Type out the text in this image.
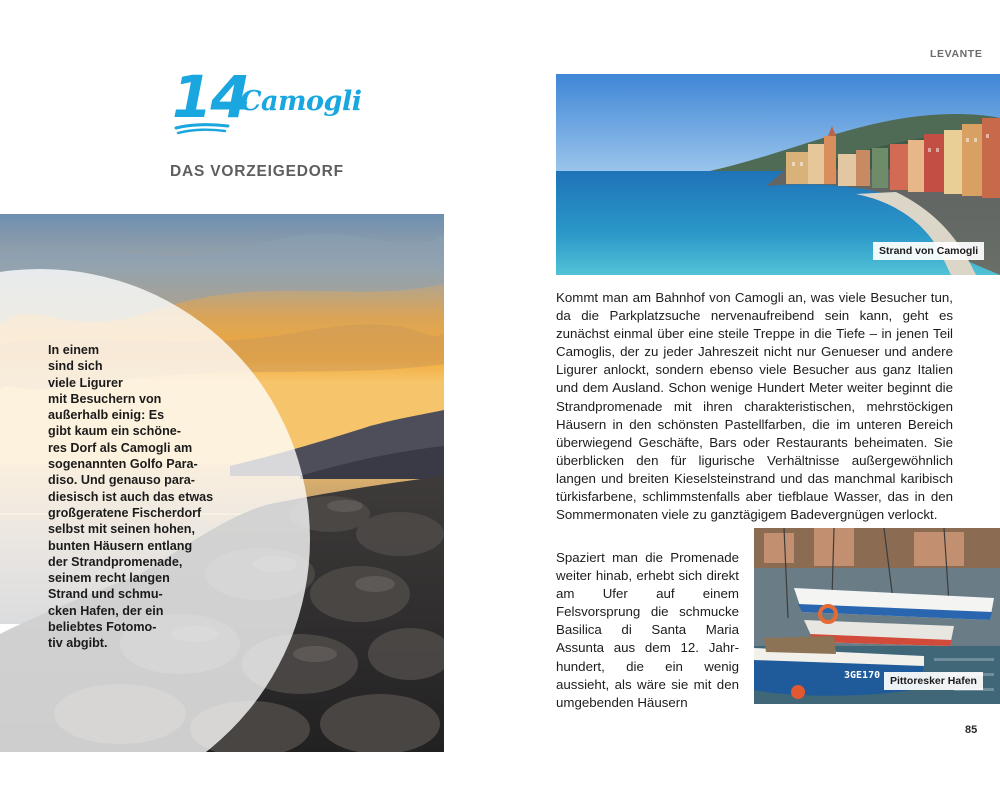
14
Camogli
DAS VORZEIGEDORF
In einem
sind sich
viele Ligurer
mit Besuchern von
außerhalb einig: Es
gibt kaum ein schöne-
res Dorf als Camogli am
sogenannten Golfo Para-
diso. Und genauso para-
diesisch ist auch das etwas
großgeratene Fischerdorf
selbst mit seinen hohen,
bunten Häusern entlang
der Strandpromenade,
seinem recht langen
Strand und schmu-
cken Hafen, der ein
beliebtes Fotomo-
tiv abgibt.
LEVANTE
Strand von Camogli
Kommt man am Bahnhof von Camogli an, was viele Besucher tun, da die Parkplatzsuche nervenaufreibend sein kann, geht es zunächst einmal über eine steile Treppe in die Tiefe – in jenen Teil Camoglis, der zu jeder Jahreszeit nicht nur Genueser und andere Ligurer anlockt, sondern ebenso viele Besucher aus ganz Italien und dem Ausland. Schon wenige Hundert Meter weiter beginnt die Strandpromenade mit ihren charakteristischen, mehrstöckigen Häusern in den schönsten Pastellfarben, die im unteren Bereich überwiegend Geschäfte, Bars oder Restaurants beheimaten. Sie überblicken den für ligurische Verhältnisse außergewöhnlich langen und breiten Kieselsteinstrand und das manchmal karibisch türkisfarbene, schlimmstenfalls aber tiefblaue Wasser, das in den Sommermonaten viele zu ganztägigem Badevergnügen verlockt.
Spaziert man die Promenade weiter hinab, erhebt sich direkt am Ufer auf einem Felsvorsprung die schmucke Basilica di Santa Maria Assunta aus dem 12. Jahrhundert, die ein wenig aussieht, als wäre sie mit den umgebenden Häusern
3GE170 Pittoresker Hafen
85
